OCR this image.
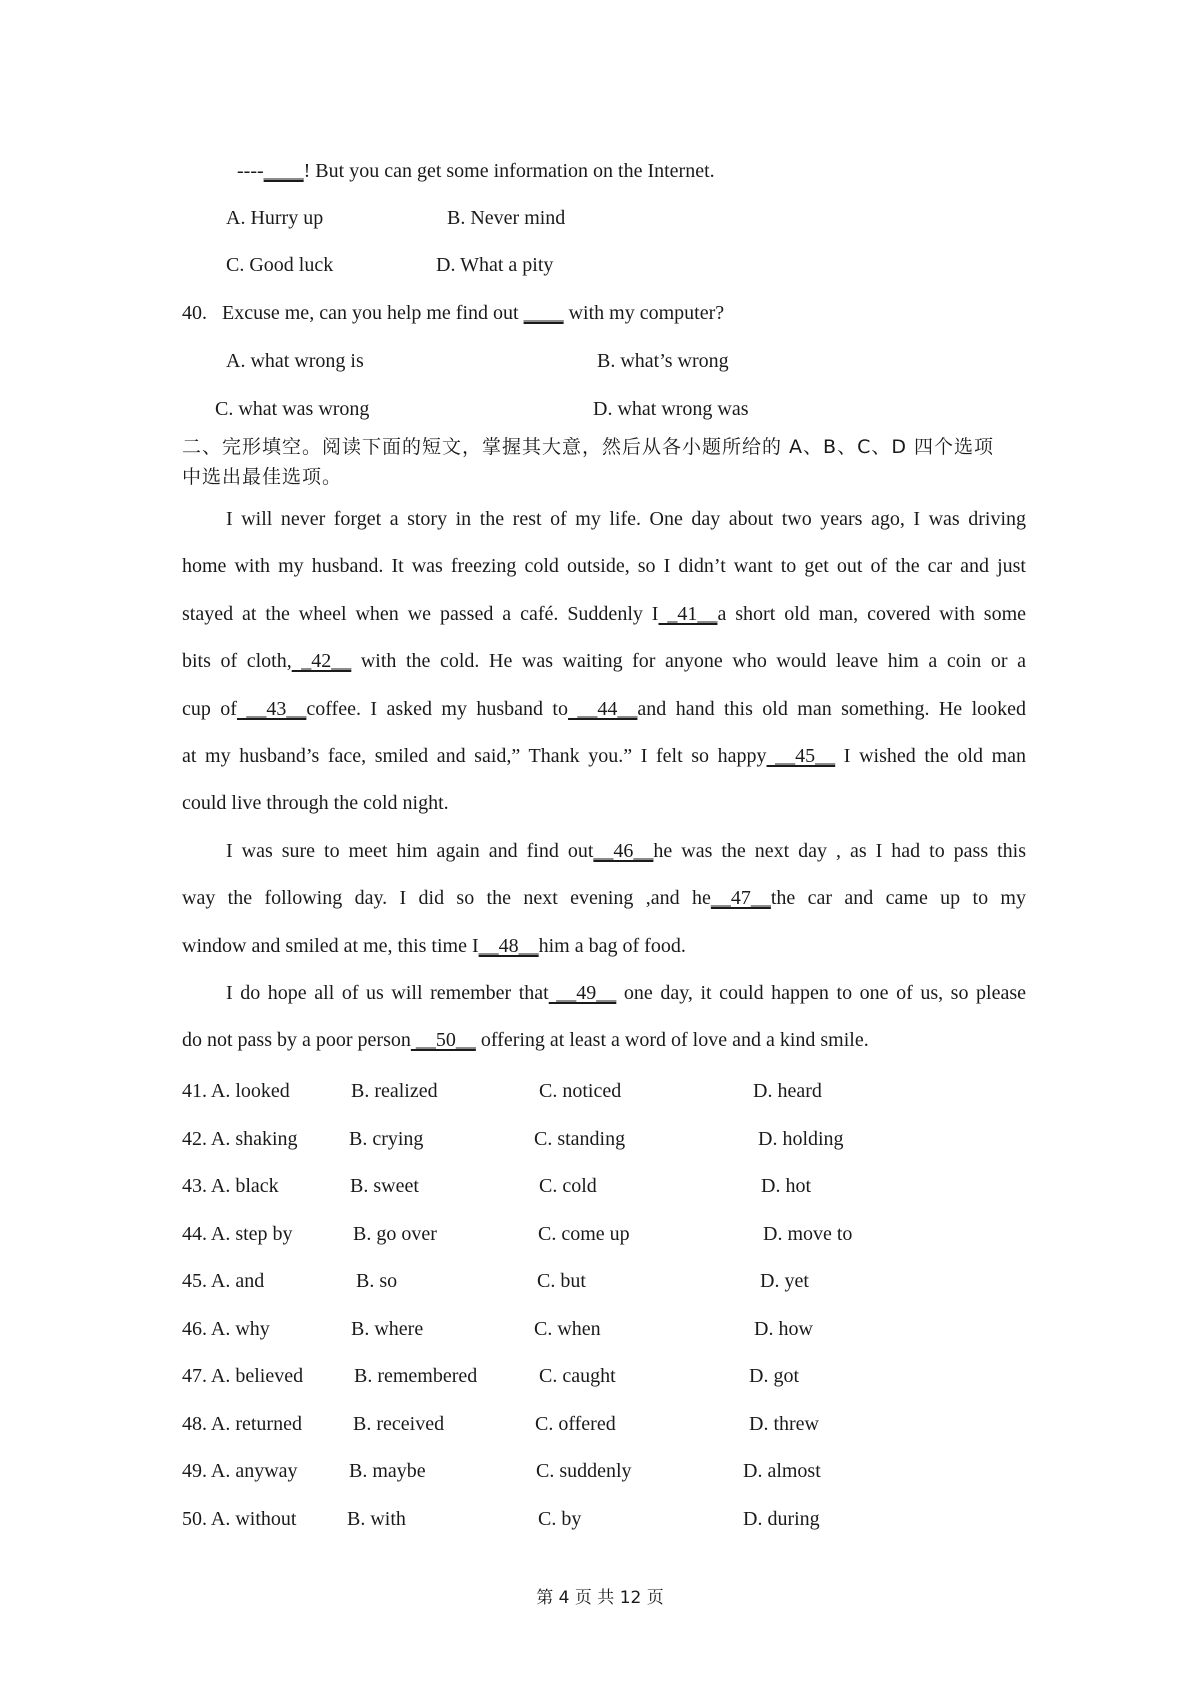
----____! But you can get some information on the Internet.
A. Hurry up	B. Never mind
C. Good luck	D. What a pity
40. Excuse me, can you help me find out ____ with my computer?
A. what wrong is	B. what’s wrong
C. what was wrong	D. what wrong was
二、完形填空。阅读下面的短文，掌握其大意，然后从各小题所给的 A、B、C、D 四个选项
中选出最佳选项。
I will never forget a story in the rest of my life. One day about two years ago, I was driving
home with my husband. It was freezing cold outside, so I didn’t want to get out of the car and just
stayed at the wheel when we passed a café. Suddenly I _41__a short old man, covered with some
bits of cloth, _42__ with the cold. He was waiting for anyone who would leave him a coin or a
cup of __43__coffee. I asked my husband to __44__and hand this old man something. He looked
at my husband’s face, smiled and said,” Thank you.” I felt so happy __45__ I wished the old man
could live through the cold night.
I was sure to meet him again and find out__46__he was the next day , as I had to pass this
way the following day. I did so the next evening ,and he__47__the car and came up to my
window and smiled at me, this time I__48__him a bag of food.
I do hope all of us will remember that __49__ one day, it could happen to one of us, so please
do not pass by a poor person __50__ offering at least a word of love and a kind smile.
41. A. looked	B. realized	C. noticed	D. heard
42. A. shaking	B. crying	C. standing	D. holding
43. A. black	B. sweet	C. cold	D. hot
44. A. step by	B. go over	C. come up	D. move to
45. A. and	B. so	C. but	D. yet
46. A. why	B. where	C. when	D. how
47. A. believed	B. remembered	C. caught	D. got
48. A. returned	B. received	C. offered	D. threw
49. A. anyway	B. maybe	C. suddenly	D. almost
50. A. without	B. with	C. by	D. during
第 4 页 共 12 页
